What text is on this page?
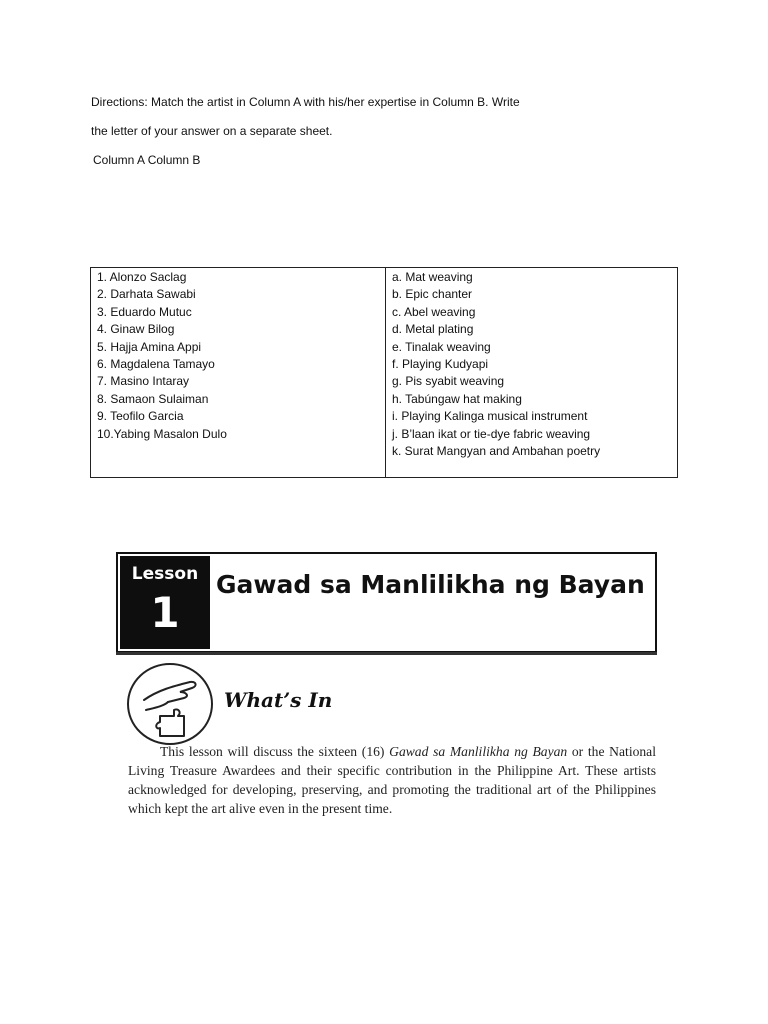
Directions: Match the artist in Column A with his/her expertise in Column B. Write
the letter of your answer on a separate sheet.
Column A Column B
1. Alonzo Saclag
2. Darhata Sawabi
3. Eduardo Mutuc
4. Ginaw Bilog
5. Hajja Amina Appi
6. Magdalena Tamayo
7. Masino Intaray
8. Samaon Sulaiman
9. Teofilo Garcia
10.Yabing Masalon Dulo
a. Mat weaving
b. Epic chanter
c. Abel weaving
d. Metal plating
e. Tinalak weaving
f. Playing Kudyapi
g. Pis syabit weaving
h. Tabúngaw hat making
i. Playing Kalinga musical instrument
j. B’laan ikat or tie-dye fabric weaving
k. Surat Mangyan and Ambahan poetry
Lesson
1
Gawad sa Manlilikha ng Bayan
What’s In
This lesson will discuss the sixteen (16) Gawad sa Manlilikha ng Bayan or the National Living Treasure Awardees and their specific contribution in the Philippine Art. These artists acknowledged for developing, preserving, and promoting the traditional art of the Philippines which kept the art alive even in the present time.
